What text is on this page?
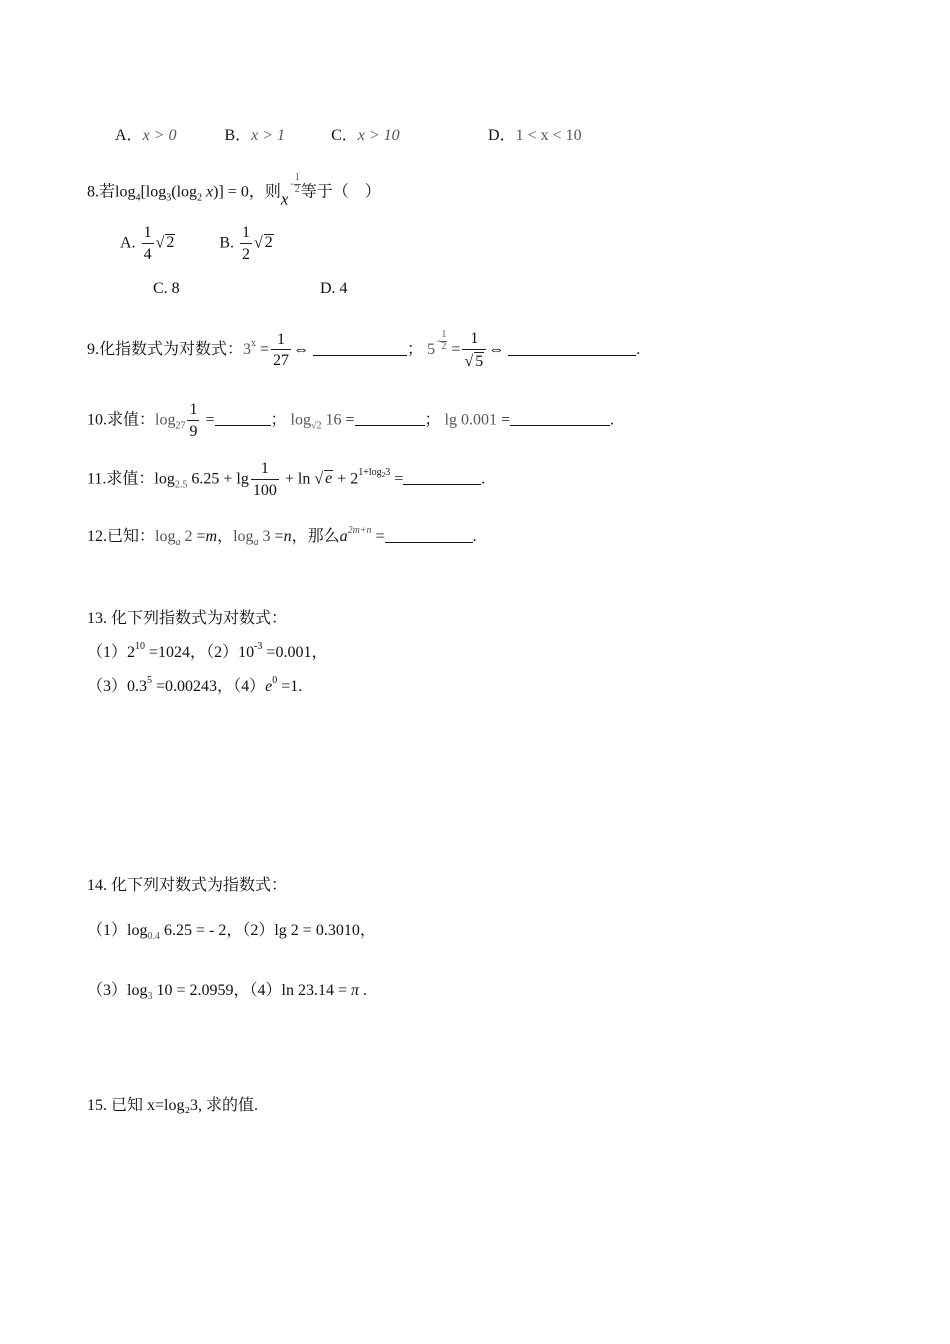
A．x > 0	B．x > 1	C．x > 10	D．1 < x < 10
8.若$\log_4[\log_3(\log_2$ x)] = 0，则$x- \frac{1}{2}$ 等于（　）
A. $\frac{1}{4}$ √ 2	B. $\frac{1}{2}$ √ 2
C. 8	D. 4
9.化指数式为对数式：$3^x = \frac{1}{27}$ ⇔	； $5 - \frac{1}{2} = \frac{1}{√ 5}$ ⇔	.
10.求值：$\log_{27} \frac{1}{9}$ =	； $\log_{√2} 16$ =	； lg 0.001 =	.
11.求值：$\log_{2.5} 6.25 + \lg \frac{1}{100} + \ln$ √ $e + 2^{1+log_23}$ =	.
12.已知：$\log_a 2 =m$，$\log_a 3 =n$，那么$a^{2m+n}$ =	.
13. 化下列指数式为对数式：
$(1)2^{10} =1024$，$(2)10^{-3} =0.001$，
$(3)0.3^5 =0.00243$，$(4)e^0 =1$.
14. 化下列对数式为指数式：
$(1)\log_{0.4}$ 6.25 = - 2，（2）lg 2 = 0.3010，
$(3)\log_3$ 10 = 2.0959，（4）ln 23.14 = π .
15. 已知 x=log₂3, 求的值.
